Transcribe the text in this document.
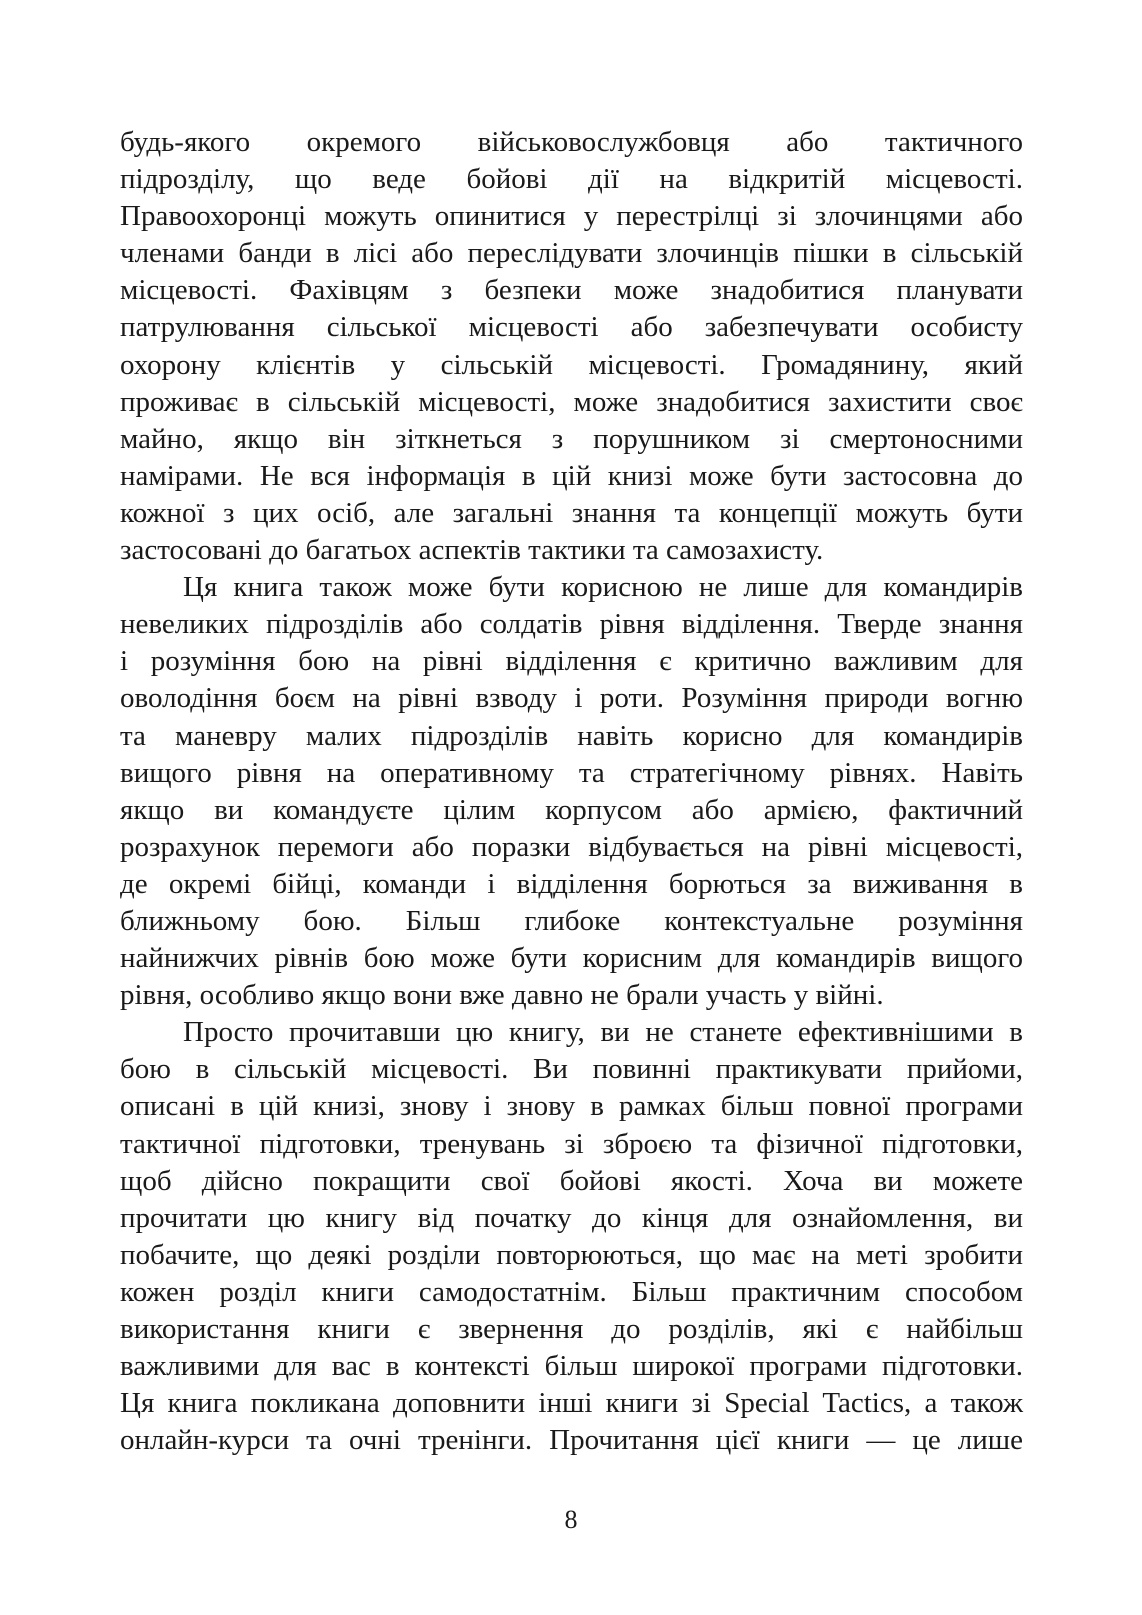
будь-якого окремого військовослужбовця або тактичного
підрозділу, що веде бойові дії на відкритій місцевості.
Правоохоронці можуть опинитися у перестрілці зі злочинцями або
членами банди в лісі або переслідувати злочинців пішки в сільській
місцевості. Фахівцям з безпеки може знадобитися планувати
патрулювання сільської місцевості або забезпечувати особисту
охорону клієнтів у сільській місцевості. Громадянину, який
проживає в сільській місцевості, може знадобитися захистити своє
майно, якщо він зіткнеться з порушником зі смертоносними
намірами. Не вся інформація в цій книзі може бути застосовна до
кожної з цих осіб, але загальні знання та концепції можуть бути
застосовані до багатьох аспектів тактики та самозахисту.
Ця книга також може бути корисною не лише для командирів
невеликих підрозділів або солдатів рівня відділення. Тверде знання
і розуміння бою на рівні відділення є критично важливим для
оволодіння боєм на рівні взводу і роти. Розуміння природи вогню
та маневру малих підрозділів навіть корисно для командирів
вищого рівня на оперативному та стратегічному рівнях. Навіть
якщо ви командуєте цілим корпусом або армією, фактичний
розрахунок перемоги або поразки відбувається на рівні місцевості,
де окремі бійці, команди і відділення борються за виживання в
ближньому бою. Більш глибоке контекстуальне розуміння
найнижчих рівнів бою може бути корисним для командирів вищого
рівня, особливо якщо вони вже давно не брали участь у війні.
Просто прочитавши цю книгу, ви не станете ефективнішими в
бою в сільській місцевості. Ви повинні практикувати прийоми,
описані в цій книзі, знову і знову в рамках більш повної програми
тактичної підготовки, тренувань зі зброєю та фізичної підготовки,
щоб дійсно покращити свої бойові якості. Хоча ви можете
прочитати цю книгу від початку до кінця для ознайомлення, ви
побачите, що деякі розділи повторюються, що має на меті зробити
кожен розділ книги самодостатнім. Більш практичним способом
використання книги є звернення до розділів, які є найбільш
важливими для вас в контексті більш широкої програми підготовки.
Ця книга покликана доповнити інші книги зі Special Tactics, а також
онлайн-курси та очні тренінги. Прочитання цієї книги — це лише
8
